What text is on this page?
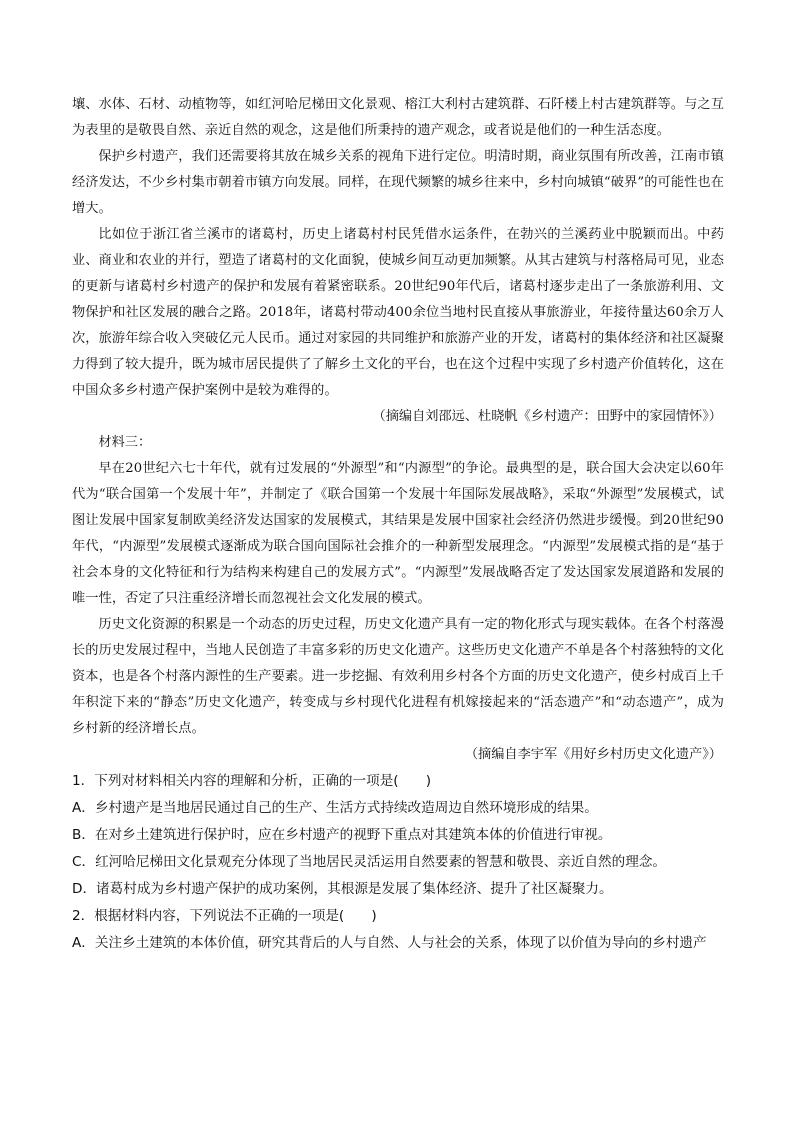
壤、水体、石材、动植物等，如红河哈尼梯田文化景观、榕江大利村古建筑群、石阡楼上村古建筑群等。与之互为表里的是敬畏自然、亲近自然的观念，这是他们所秉持的遗产观念，或者说是他们的一种生活态度。

保护乡村遗产，我们还需要将其放在城乡关系的视角下进行定位。明清时期，商业氛围有所改善，江南市镇经济发达，不少乡村集市朝着市镇方向发展。同样，在现代频繁的城乡往来中，乡村向城镇“破界”的可能性也在增大。

比如位于浙江省兰溪市的诸葛村，历史上诸葛村村民凭借水运条件，在勃兴的兰溪药业中脱颖而出。中药业、商业和农业的并行，塑造了诸葛村的文化面貌，使城乡间互动更加频繁。从其古建筑与村落格局可见，业态的更新与诸葛村乡村遗产的保护和发展有着紧密联系。20世纪90年代后，诸葛村逐步走出了一条旅游利用、文物保护和社区发展的融合之路。2018年，诸葛村带动400余位当地村民直接从事旅游业，年接待量达60余万人次，旅游年综合收入突破亿元人民币。通过对家园的共同维护和旅游产业的开发，诸葛村的集体经济和社区凝聚力得到了较大提升，既为城市居民提供了了解乡土文化的平台，也在这个过程中实现了乡村遗产价值转化，这在中国众多乡村遗产保护案例中是较为难得的。

（摘编自刘邵远、杜晓帆《乡村遗产：田野中的家园情怀》）

材料三：

早在20世纪六七十年代，就有过发展的“外源型”和“内源型”的争论。最典型的是，联合国大会决定以60年代为“联合国第一个发展十年”，并制定了《联合国第一个发展十年国际发展战略》，采取“外源型”发展模式，试图让发展中国家复制欧美经济发达国家的发展模式，其结果是发展中国家社会经济仍然进步缓慢。到20世纪90年代，“内源型”发展模式逐渐成为联合国向国际社会推介的一种新型发展理念。“内源型”发展模式指的是“基于社会本身的文化特征和行为结构来构建自己的发展方式”。“内源型”发展战略否定了发达国家发展道路和发展的唯一性，否定了只注重经济增长而忽视社会文化发展的模式。

历史文化资源的积累是一个动态的历史过程，历史文化遗产具有一定的物化形式与现实载体。在各个村落漫长的历史发展过程中，当地人民创造了丰富多彩的历史文化遗产。这些历史文化遗产不单是各个村落独特的文化资本，也是各个村落内源性的生产要素。进一步挖掘、有效利用乡村各个方面的历史文化遗产，使乡村成百上千年积淀下来的“静态”历史文化遗产，转变成与乡村现代化进程有机嫁接起来的“活态遗产”和“动态遗产”，成为乡村新的经济增长点。

（摘编自李宇军《用好乡村历史文化遗产》）

1．下列对材料相关内容的理解和分析，正确的一项是(　　)

A．乡村遗产是当地居民通过自己的生产、生活方式持续改造周边自然环境形成的结果。

B．在对乡土建筑进行保护时，应在乡村遗产的视野下重点对其建筑本体的价值进行审视。

C．红河哈尼梯田文化景观充分体现了当地居民灵活运用自然要素的智慧和敬畏、亲近自然的理念。

D．诸葛村成为乡村遗产保护的成功案例，其根源是发展了集体经济、提升了社区凝聚力。

2．根据材料内容，下列说法不正确的一项是(　　)

A．关注乡土建筑的本体价值，研究其背后的人与自然、人与社会的关系，体现了以价值为导向的乡村遗产
